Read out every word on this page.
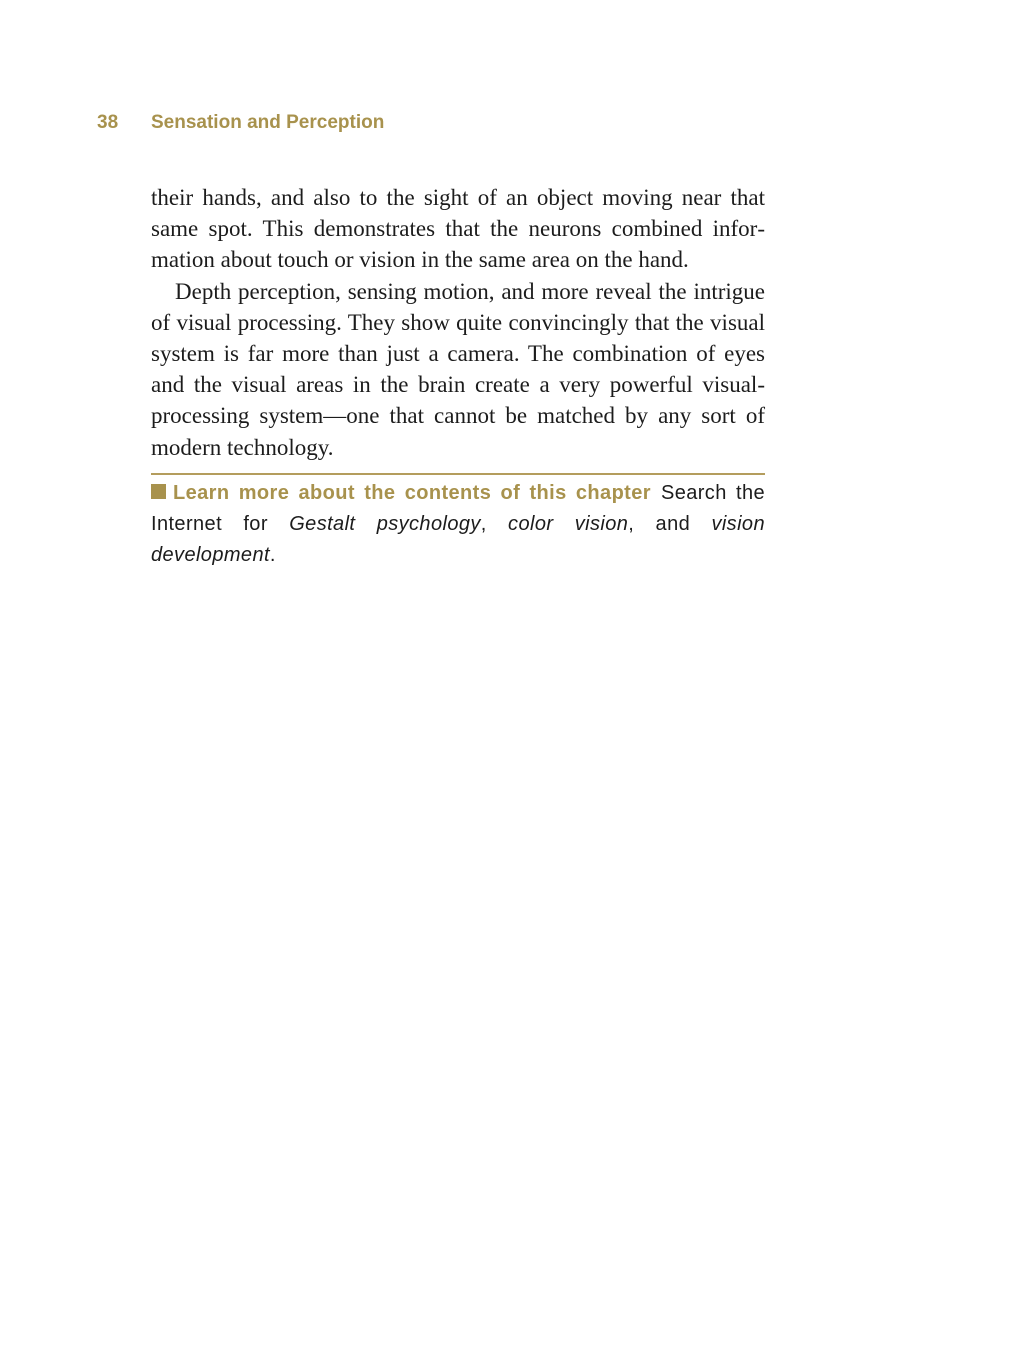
38 Sensation and Perception

their hands, and also to the sight of an object moving near that same spot. This demonstrates that the neurons combined information about touch or vision in the same area on the hand.

Depth perception, sensing motion, and more reveal the intrigue of visual processing. They show quite convincingly that the visual system is far more than just a camera. The combination of eyes and the visual areas in the brain create a very powerful visual-processing system—one that cannot be matched by any sort of modern technology.

Learn more about the contents of this chapter Search the Internet for Gestalt psychology, color vision, and vision development.
